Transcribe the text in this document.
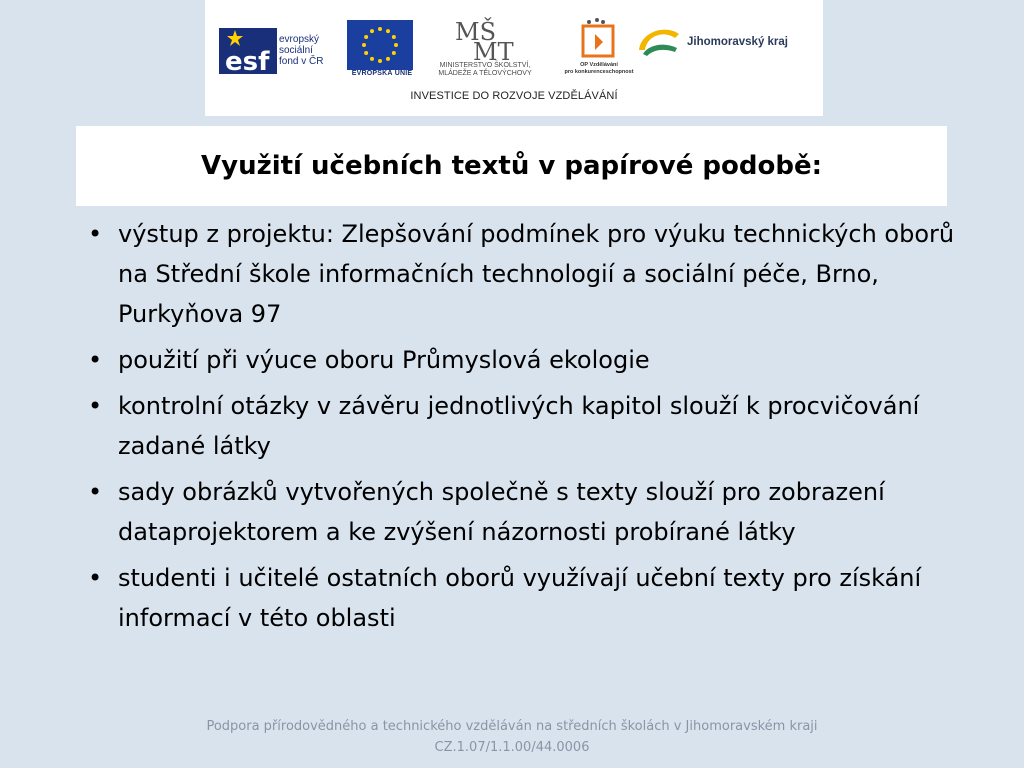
esf
evropský
sociální
fond v ČR
EVROPSKÁ UNIE
MŠ
MT
MINISTERSTVO ŠKOLSTVÍ,
MLÁDEŽE A TĚLOVÝCHOVY
OP Vzdělávání
pro konkurenceschopnost
Jihomoravský kraj
INVESTICE DO ROZVOJE VZDĚLÁVÁNÍ
Využití učebních textů v papírové podobě:
• výstup z projektu: Zlepšování podmínek pro výuku technických oborů na Střední škole informačních technologií a sociální péče, Brno, Purkyňova 97
• použití při výuce oboru Průmyslová ekologie
• kontrolní otázky v závěru jednotlivých kapitol slouží k procvičování zadané látky
• sady obrázků vytvořených společně s texty slouží pro zobrazení dataprojektorem a ke zvýšení názornosti probírané látky
• studenti i učitelé ostatních oborů využívají učební texty pro získání informací v této oblasti
Podpora přírodovědného a technického vzděláván na středních školách v Jihomoravském kraji
CZ.1.07/1.1.00/44.0006
